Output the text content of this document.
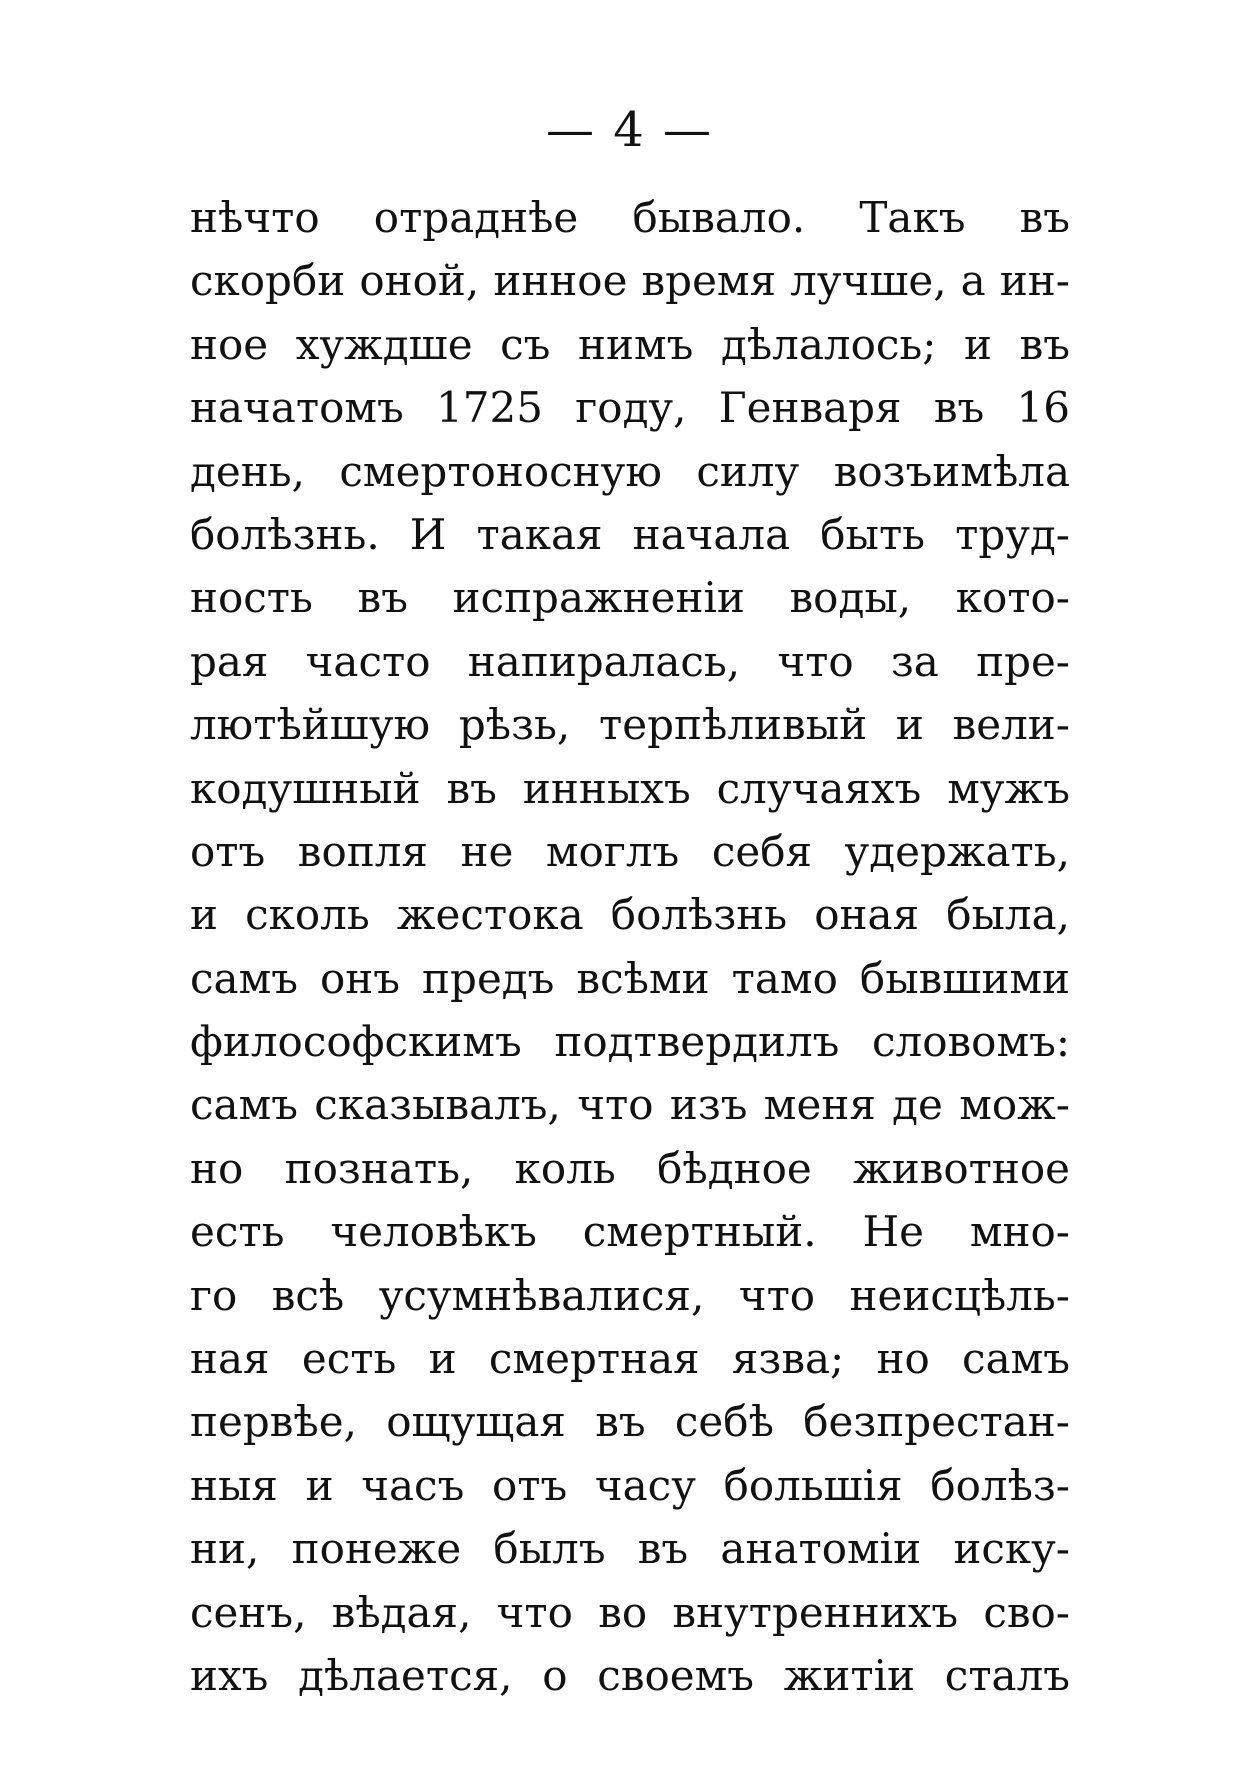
— 4 —
нѣчто отраднѣе бывало. Такъ въ
скорби оной, инное время лучше, а ин-
ное хуждше съ нимъ дѣлалось; и въ
начатомъ 1725 году, Генваря въ 16
день, смертоносную силу возъимѣла
болѣзнь. И такая начала быть труд-
ность въ испражненіи воды, кото-
рая часто напиралась, что за пре-
лютѣйшую рѣзь, терпѣливый и вели-
кодушный въ инныхъ случаяхъ мужъ
отъ вопля не моглъ себя удержать,
и сколь жестока болѣзнь оная была,
самъ онъ предъ всѣми тамо бывшими
философскимъ подтвердилъ словомъ:
самъ сказывалъ, что изъ меня де мож-
но познать, коль бѣдное животное
есть человѣкъ смертный. Не мно-
го всѣ усумнѣвалися, что неисцѣль-
ная есть и смертная язва; но самъ
первѣе, ощущая въ себѣ безпрестан-
ныя и часъ отъ часу большія болѣз-
ни, понеже былъ въ анатоміи иску-
сенъ, вѣдая, что во внутреннихъ сво-
ихъ дѣлается, о своемъ житіи сталъ
